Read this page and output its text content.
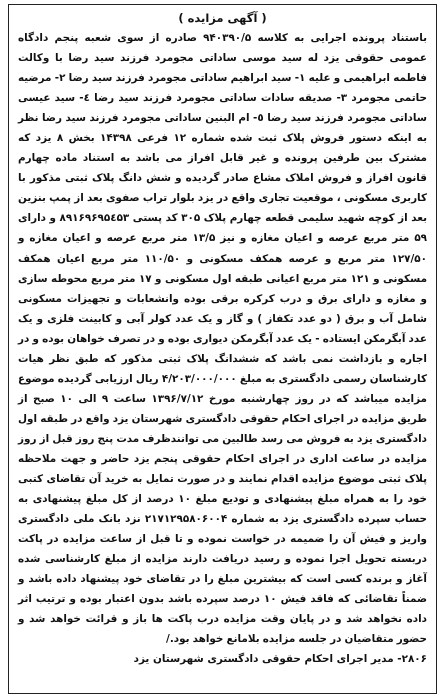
( آگهی مزایده )

باستناد پرونده اجرایی به کلاسه ۹۴۰۳۹۰/۵ صادره از سوی شعبه پنجم دادگاه عمومی حقوقی یزد له سید موسی ساداتی مجومرد فرزند سید رضا با وکالت فاطمه ابراهیمی و علیه ۱- سید ابراهیم ساداتی مجومرد فرزند سید رضا ۲- مرضیه حاتمی مجومرد ۳- صدیقه سادات ساداتی مجومرد فرزند سید رضا ٤- سید عیسی ساداتی مجومرد فرزند سید رضا ٥- ام البنین ساداتی مجومرد فرزند سید رضا نظر به اینکه دستور فروش پلاک ثبت شده شماره ۱۲ فرعی ۱۴۳۹۸ بخش ۸ یزد که مشترک بین طرفین پرونده و غیر قابل افراز می باشد به استناد ماده چهارم قانون افراز و فروش املاک مشاع صادر گردیده و شش دانگ پلاک ثبتی مذکور با کاربری مسکونی ، موقعیت تجاری واقع در یزد بلوار تراب صفوی بعد از پمپ بنزین بعد از کوچه شهید سلیمی قطعه چهارم پلاک ۳۰۵ کد پستی ۸۹۱۶۹۶۹۵٤۵۳ و دارای ۵۹ متر مربع عرصه و اعیان مغازه و نیز ۱۳/۵ متر مربع عرصه و اعیان مغازه و ۱۲۷/۵۰ متر مربع و عرصه همکف مسکونی و ۱۱۰/۵۰ متر مربع اعیان همکف مسکونی و ۱۲۱ متر مربع اعیانی طبقه اول مسکونی و ۱۷ متر مربع محوطه سازی و مغازه و دارای برق و درب کرکره برقی بوده وانشعابات و تجهیزات مسکونی شامل آب و برق ( دو عدد تکفاز ) و گاز و یک عدد کولر آبی و کابینت فلزی و یک عدد آبگرمکن ایستاده - یک عدد آبگرمکن دیواری بوده و در تصرف خواهان بوده و در اجاره و بازداشت نمی باشد که ششدانگ پلاک ثبتی مذکور که طبق نظر هیات کارشناسان رسمی دادگستری به مبلغ ۴/۲۰۳/۰۰۰/۰۰۰ ریال ارزیابی گردیده موضوع مزایده میباشد که در روز چهارشنبه مورخ ۱۳۹۶/۷/۱۲ ساعت ۹ الی ۱۰ صبح از طریق مزایده در اجرای احکام حقوقی دادگستری شهرستان یزد واقع در طبقه اول دادگستری یزد به فروش می رسد طالبین می توانندظرف مدت پنج روز قبل از روز مزایده در ساعت اداری در اجرای احکام حقوقی پنجم یزد حاضر و جهت ملاحظه پلاک ثبتی موضوع مزایده اقدام نمایند و در صورت تمایل به خرید آن تقاضای کتبی خود را به همراه مبلغ پیشنهادی و تودیع مبلغ ۱۰ درصد از کل مبلغ پیشنهادی به حساب سپرده دادگستری یزد به شماره ۲۱۷۱۲۹۵۸۰۶۰۰۴ نزد بانک ملی دادگستری واریز و فیش آن را ضمیمه در خواست نموده و تا قبل از ساعت مزایده در پاکت دربسته تحویل اجرا نموده و رسید دریافت دارند مزایده از مبلغ کارشناسی شده آغاز و برنده کسی است که بیشترین مبلغ را در تقاضای خود پیشنهاد داده باشد و ضمناً تقاضائی که فاقد فیش ۱۰ درصد سپرده باشد بدون اعتبار بوده و ترتیب اثر داده نخواهد شد و در پایان وقت مزایده درب پاکت ها باز و قرائت خواهد شد و حضور متقاضیان در جلسه مزایده بلامانع خواهد بود./

۲۸۰۶- مدیر اجرای احکام حقوقی دادگستری شهرستان یزد
